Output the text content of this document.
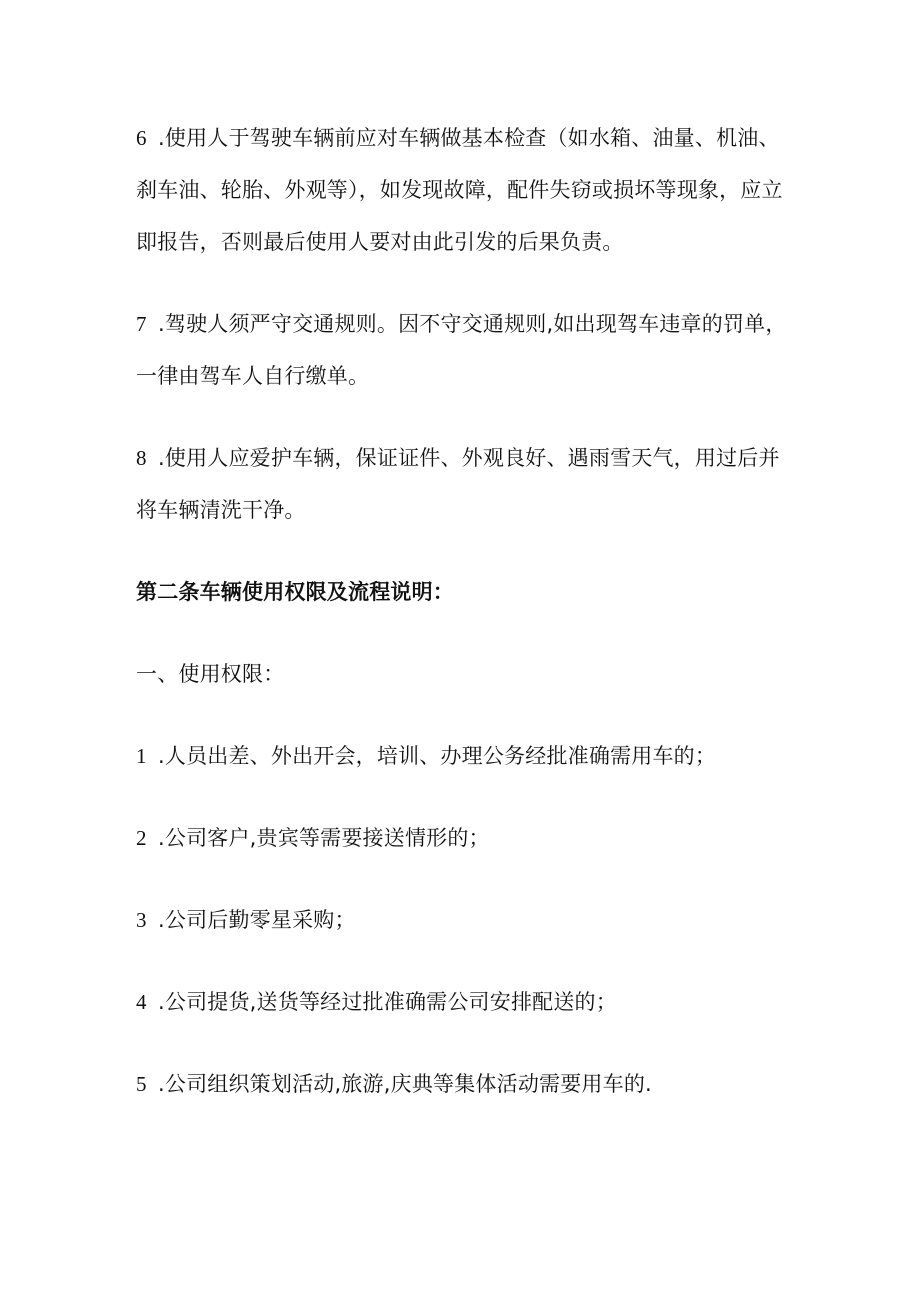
6 .使用人于驾驶车辆前应对车辆做基本检查（如水箱、油量、机油、刹车油、轮胎、外观等），如发现故障，配件失窃或损坏等现象，应立即报告，否则最后使用人要对由此引发的后果负责。

7 .驾驶人须严守交通规则。因不守交通规则,如出现驾车违章的罚单，一律由驾车人自行缴单。

8 .使用人应爱护车辆，保证证件、外观良好、遇雨雪天气，用过后并将车辆清洗干净。

第二条车辆使用权限及流程说明：

一、使用权限：

1 .人员出差、外出开会，培训、办理公务经批准确需用车的；

2 .公司客户,贵宾等需要接送情形的；

3 .公司后勤零星采购；

4 .公司提货,送货等经过批准确需公司安排配送的；

5 .公司组织策划活动,旅游,庆典等集体活动需要用车的.
